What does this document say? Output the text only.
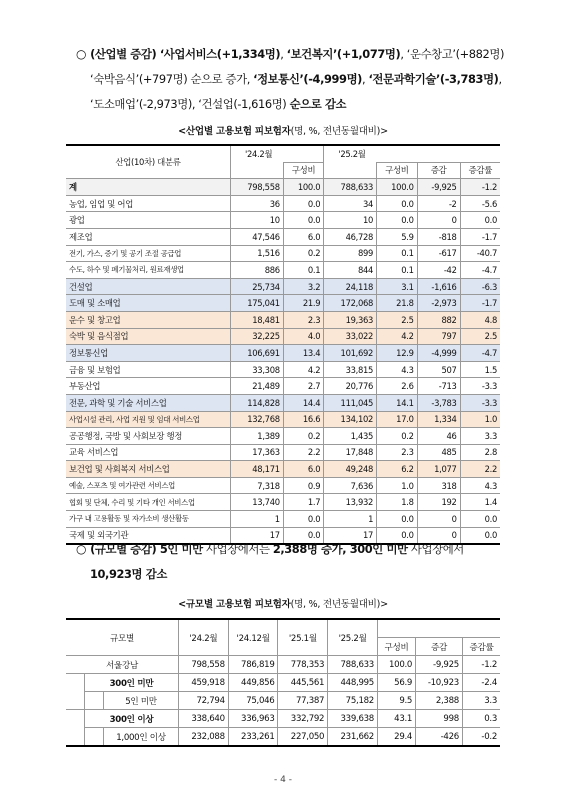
○ (산업별 증감) ‘사업서비스(+1,334명), ‘보건복지’(+1,077명), ‘운수창고’(+882명)
‘숙박음식’(+797명) 순으로 증가, ‘정보통신’(-4,999명), ‘전문과학기술’(-3,783명),
‘도소매업’(-2,973명), ‘건설업(-1,616명) 순으로 감소
<산업별 고용보험 피보험자(명, %, 전년동월대비)>
산업(10차) 대분류	'24.2월		'25.2월			
		구성비		구성비	증감	증감률
계	798,558	100.0	788,633	100.0	-9,925	-1.2
농업, 임업 및 어업	36	0.0	34	0.0	-2	-5.6
광업	10	0.0	10	0.0	0	0.0
제조업	47,546	6.0	46,728	5.9	-818	-1.7
전기, 가스, 증기 및 공기 조절 공급업	1,516	0.2	899	0.1	-617	-40.7
수도, 하수 및 폐기물처리, 원료재생업	886	0.1	844	0.1	-42	-4.7
건설업	25,734	3.2	24,118	3.1	-1,616	-6.3
도매 및 소매업	175,041	21.9	172,068	21.8	-2,973	-1.7
운수 및 창고업	18,481	2.3	19,363	2.5	882	4.8
숙박 및 음식점업	32,225	4.0	33,022	4.2	797	2.5
정보통신업	106,691	13.4	101,692	12.9	-4,999	-4.7
금융 및 보험업	33,308	4.2	33,815	4.3	507	1.5
부동산업	21,489	2.7	20,776	2.6	-713	-3.3
전문, 과학 및 기술 서비스업	114,828	14.4	111,045	14.1	-3,783	-3.3
사업시설 관리, 사업 지원 및 임대 서비스업	132,768	16.6	134,102	17.0	1,334	1.0
공공행정, 국방 및 사회보장 행정	1,389	0.2	1,435	0.2	46	3.3
교육 서비스업	17,363	2.2	17,848	2.3	485	2.8
보건업 및 사회복지 서비스업	48,171	6.0	49,248	6.2	1,077	2.2
예술, 스포츠 및 여가관련 서비스업	7,318	0.9	7,636	1.0	318	4.3
협회 및 단체, 수리 및 기타 개인 서비스업	13,740	1.7	13,932	1.8	192	1.4
가구 내 고용활동 및 자가소비 생산활동	1	0.0	1	0.0	0	0.0
국제 및 외국기관	17	0.0	17	0.0	0	0.0
○ (규모별 증감) 5인 미만 사업장에서는 2,388명 증가, 300인 미만 사업장에서
10,923명 감소
<규모별 고용보험 피보험자(명, %, 전년동월대비)>
규모별			'24.2월	'24.12월	'25.1월	'25.2월			
							구성비	증감	증감률
서울강남			798,558	786,819	778,353	788,633	100.0	-9,925	-1.2
	300인 미만		459,918	449,856	445,561	448,995	56.9	-10,923	-2.4
		5인 미만	72,794	75,046	77,387	75,182	9.5	2,388	3.3
	300인 이상		338,640	336,963	332,792	339,638	43.1	998	0.3
		1,000인 이상	232,088	233,261	227,050	231,662	29.4	-426	-0.2
- 4 -
